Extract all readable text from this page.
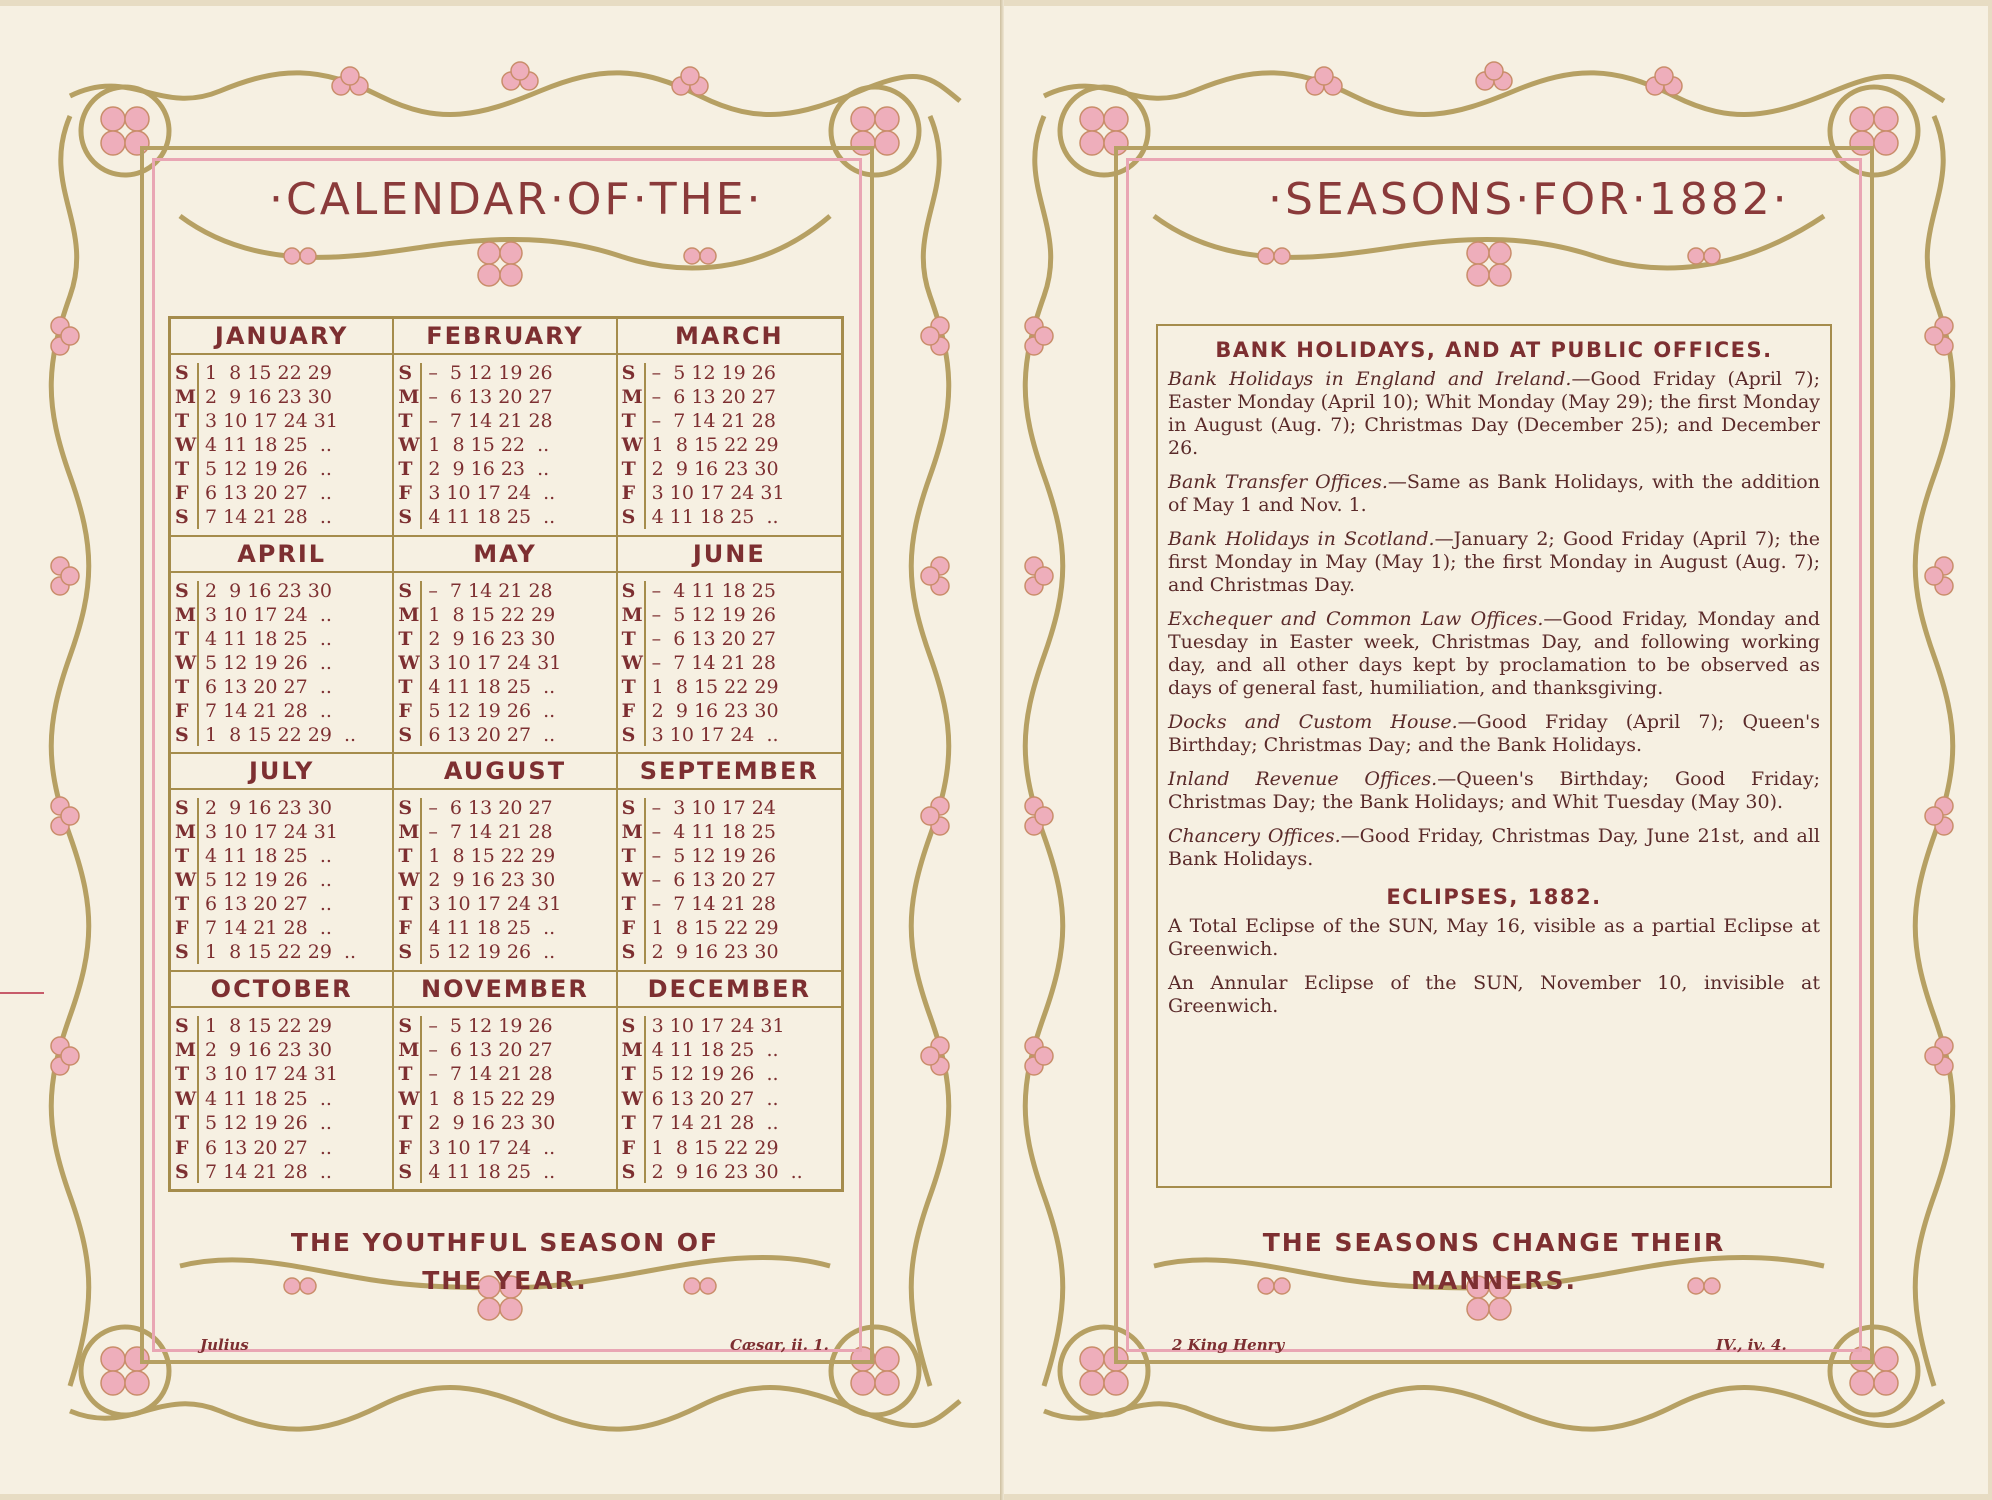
·CALENDAR·OF·THE·
JANUARY
S
M
T
W
T
F
S
1  8 15 22 29
2  9 16 23 30
3 10 17 24 31
4 11 18 25  ..
5 12 19 26  ..
6 13 20 27  ..
7 14 21 28  ..
FEBRUARY
S
M
T
W
T
F
S
–  5 12 19 26
–  6 13 20 27
–  7 14 21 28
1  8 15 22  ..
2  9 16 23  ..
3 10 17 24  ..
4 11 18 25  ..
MARCH
S
M
T
W
T
F
S
–  5 12 19 26
–  6 13 20 27
–  7 14 21 28
1  8 15 22 29
2  9 16 23 30
3 10 17 24 31
4 11 18 25  ..
APRIL
S
M
T
W
T
F
S
2  9 16 23 30
3 10 17 24  ..
4 11 18 25  ..
5 12 19 26  ..
6 13 20 27  ..
7 14 21 28  ..
1  8 15 22 29  ..
MAY
S
M
T
W
T
F
S
–  7 14 21 28
1  8 15 22 29
2  9 16 23 30
3 10 17 24 31
4 11 18 25  ..
5 12 19 26  ..
6 13 20 27  ..
JUNE
S
M
T
W
T
F
S
–  4 11 18 25
–  5 12 19 26
–  6 13 20 27
–  7 14 21 28
1  8 15 22 29
2  9 16 23 30
3 10 17 24  ..
JULY
S
M
T
W
T
F
S
2  9 16 23 30
3 10 17 24 31
4 11 18 25  ..
5 12 19 26  ..
6 13 20 27  ..
7 14 21 28  ..
1  8 15 22 29  ..
AUGUST
S
M
T
W
T
F
S
–  6 13 20 27
–  7 14 21 28
1  8 15 22 29
2  9 16 23 30
3 10 17 24 31
4 11 18 25  ..
5 12 19 26  ..
SEPTEMBER
S
M
T
W
T
F
S
–  3 10 17 24
–  4 11 18 25
–  5 12 19 26
–  6 13 20 27
–  7 14 21 28
1  8 15 22 29
2  9 16 23 30
OCTOBER
S
M
T
W
T
F
S
1  8 15 22 29
2  9 16 23 30
3 10 17 24 31
4 11 18 25  ..
5 12 19 26  ..
6 13 20 27  ..
7 14 21 28  ..
NOVEMBER
S
M
T
W
T
F
S
–  5 12 19 26
–  6 13 20 27
–  7 14 21 28
1  8 15 22 29
2  9 16 23 30
3 10 17 24  ..
4 11 18 25  ..
DECEMBER
S
M
T
W
T
F
S
3 10 17 24 31
4 11 18 25  ..
5 12 19 26  ..
6 13 20 27  ..
7 14 21 28  ..
1  8 15 22 29
2  9 16 23 30  ..
THE YOUTHFUL SEASON OF
THE YEAR.
Julius	Cæsar, ii. 1.
·SEASONS·FOR·1882·
BANK HOLIDAYS, AND AT PUBLIC OFFICES.

Bank Holidays in England and Ireland.—Good Friday (April 7); Easter Monday (April 10); Whit Monday (May 29); the first Monday in August (Aug. 7); Christmas Day (December 25); and December 26.

Bank Transfer Offices.—Same as Bank Holidays, with the addition of May 1 and Nov. 1.

Bank Holidays in Scotland.—January 2; Good Friday (April 7); the first Monday in May (May 1); the first Monday in August (Aug. 7); and Christmas Day.

Exchequer and Common Law Offices.—Good Friday, Monday and Tuesday in Easter week, Christmas Day, and following working day, and all other days kept by proclamation to be observed as days of general fast, humiliation, and thanksgiving.

Docks and Custom House.—Good Friday (April 7); Queen's Birthday; Christmas Day; and the Bank Holidays.

Inland Revenue Offices.—Queen's Birthday; Good Friday; Christmas Day; the Bank Holidays; and Whit Tuesday (May 30).

Chancery Offices.—Good Friday, Christmas Day, June 21st, and all Bank Holidays.

ECLIPSES, 1882.

A Total Eclipse of the SUN, May 16, visible as a partial Eclipse at Greenwich.

An Annular Eclipse of the SUN, November 10, invisible at Greenwich.

THE SEASONS CHANGE THEIR
MANNERS.
2 King Henry	IV., iv. 4.
